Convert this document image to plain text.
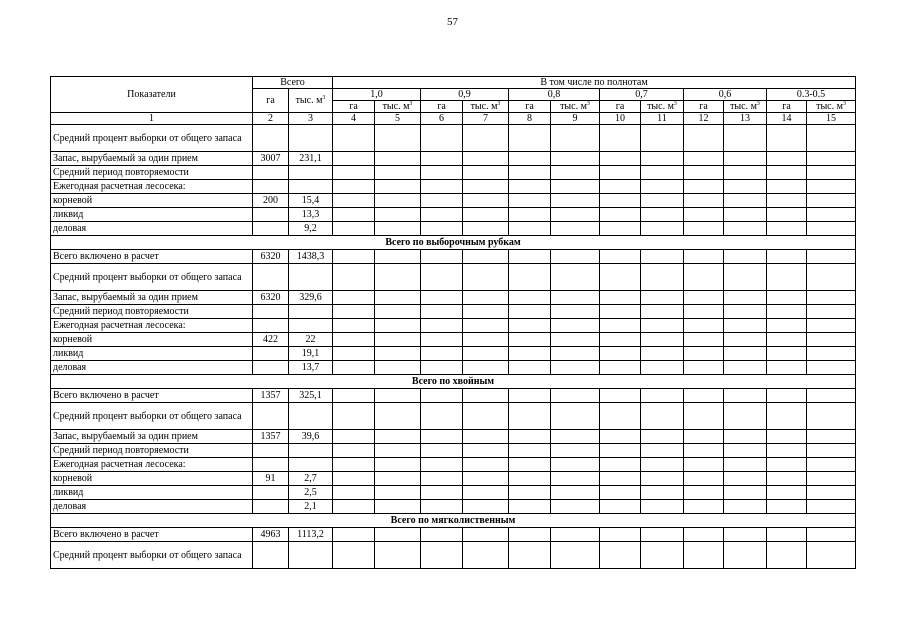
57
Показатели	Всего		В том числе по полнотам											
	га	тыс. $м^3$	1,0		0,9		0,8		0,7		0,6		0.3-0.5	
			га	тыс. $м^3$	га	тыс. $м^3$	га	тыс. $м^3$	га	тыс. $м^3$	га	тыс. $м^3$	га	тыс. $м^3$
1	2	3	4	5	6	7	8	9	10	11	12	13	14	15
Средний процент выборки от общего запаса														
Запас, вырубаемый за один прием	3007	231,1												
Средний период повторяемости														
Ежегодная расчетная лесосека:														
корневой	200	15,4												
ликвид		13,3												
деловая		9,2												
Всего по выборочным рубкам														
Всего включено в расчет	6320	1438,3												
Средний процент выборки от общего запаса														
Запас, вырубаемый за один прием	6320	329,6												
Средний период повторяемости														
Ежегодная расчетная лесосека:														
корневой	422	22												
ликвид		19,1												
деловая		13,7												
Всего по хвойным														
Всего включено в расчет	1357	325,1												
Средний процент выборки от общего запаса														
Запас, вырубаемый за один прием	1357	39,6												
Средний период повторяемости														
Ежегодная расчетная лесосека:														
корневой	91	2,7												
ликвид		2,5												
деловая		2,1												
Всего по мягколиственным														
Всего включено в расчет	4963	1113,2												
Средний процент выборки от общего запаса														
